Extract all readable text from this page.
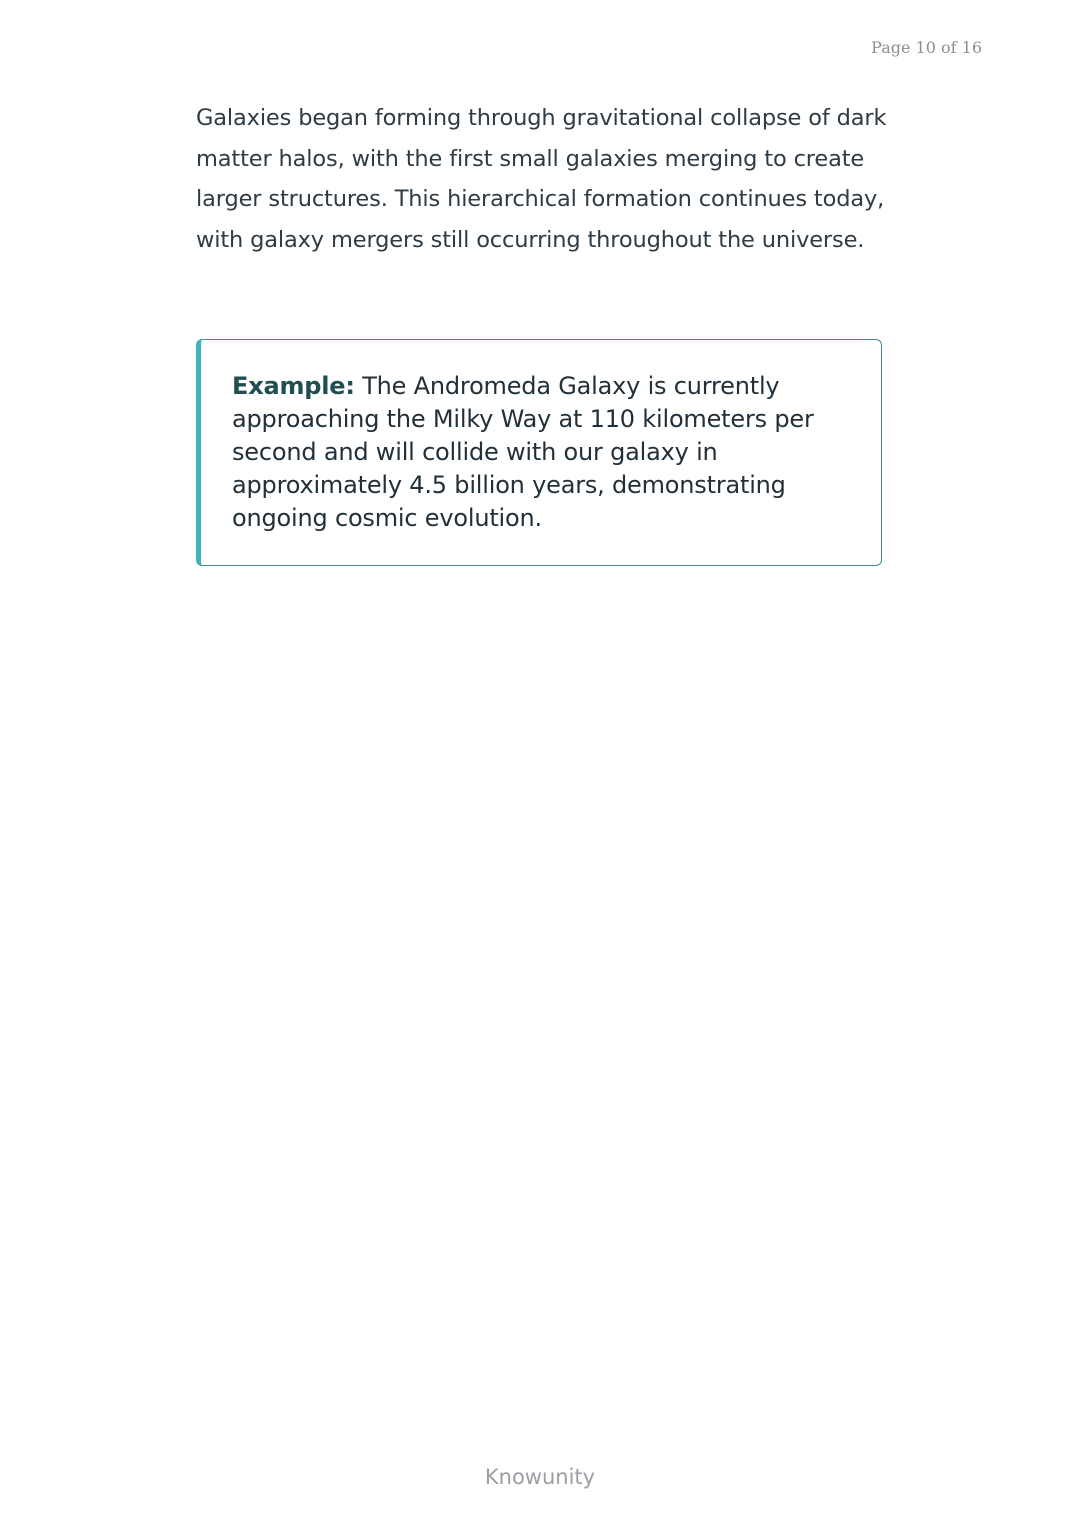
Page 10 of 16

Galaxies began forming through gravitational collapse of dark matter halos, with the first small galaxies merging to create larger structures. This hierarchical formation continues today, with galaxy mergers still occurring throughout the universe.

Example: The Andromeda Galaxy is currently approaching the Milky Way at 110 kilometers per second and will collide with our galaxy in approximately 4.5 billion years, demonstrating ongoing cosmic evolution.

Knowunity
